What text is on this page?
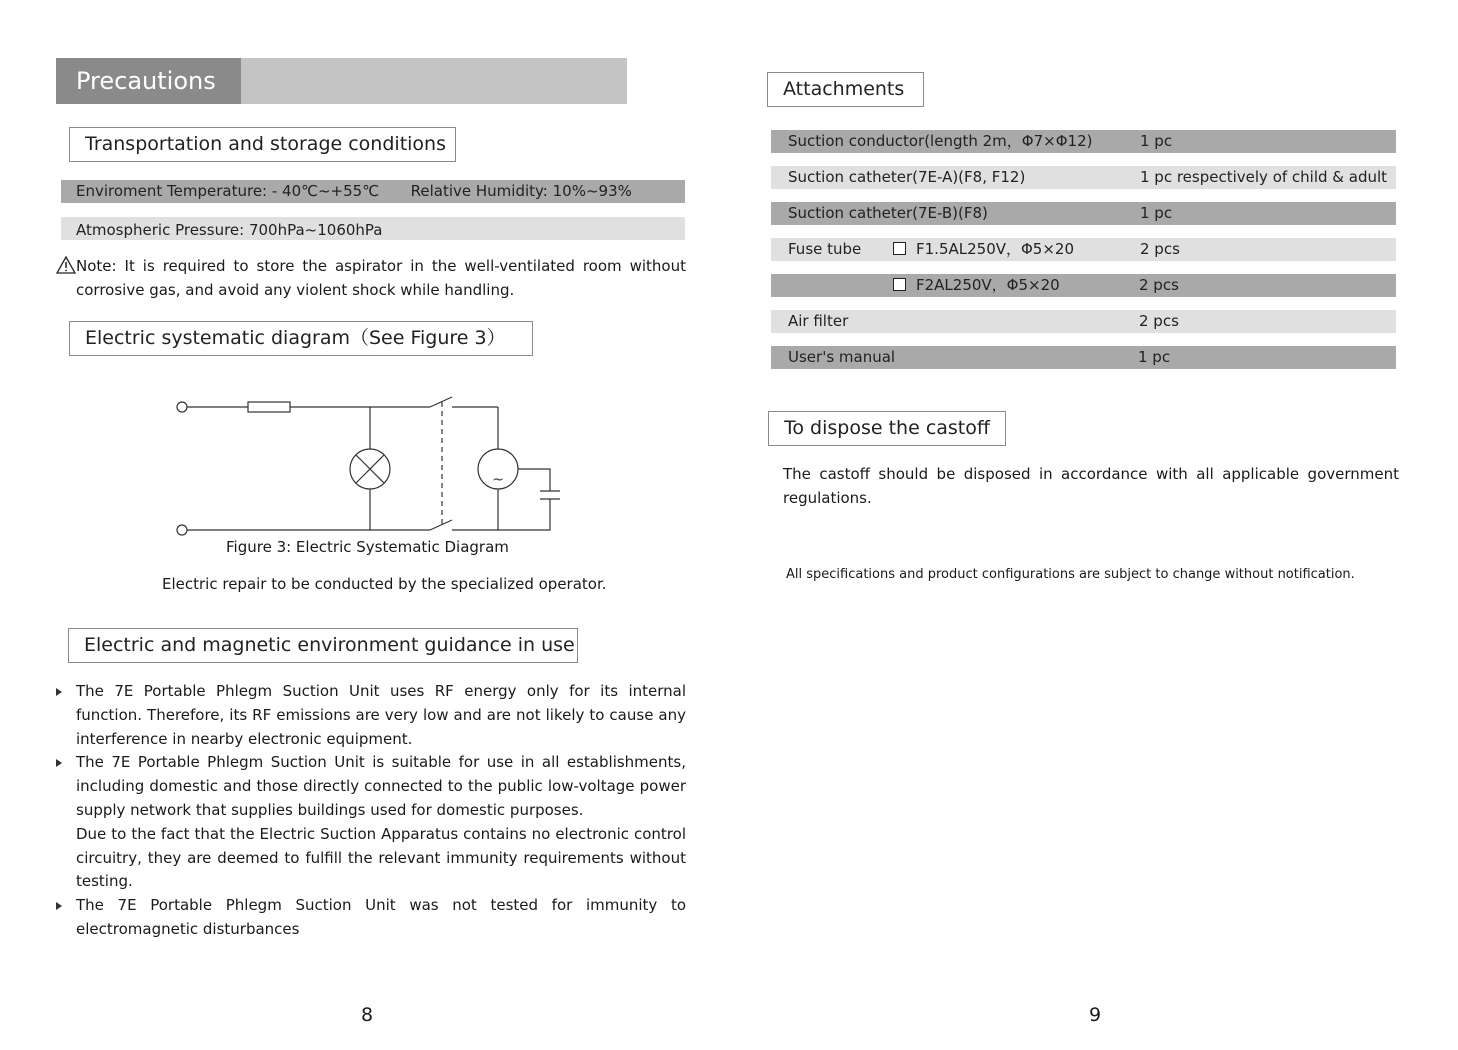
Precautions
Transportation and storage conditions
Enviroment Temperature: - 40℃~+55℃ Relative Humidity: 10%~93%
Atmospheric Pressure: 700hPa~1060hPa

Note: It is required to store the aspirator in the well-ventilated room without corrosive gas, and avoid any violent shock while handling.

Electric systematic diagram（See Figure 3）
~
Figure 3: Electric Systematic Diagram
Electric repair to be conducted by the specialized operator.
Electric and magnetic environment guidance in use
The 7E Portable Phlegm Suction Unit uses RF energy only for its internal function. Therefore, its RF emissions are very low and are not likely to cause any interference in nearby electronic equipment.
The 7E Portable Phlegm Suction Unit is suitable for use in all establishments, including domestic and those directly connected to the public low-voltage power supply network that supplies buildings used for domestic purposes.
Due to the fact that the Electric Suction Apparatus contains no electronic control circuitry, they are deemed to fulfill the relevant immunity requirements without testing.
The 7E Portable Phlegm Suction Unit was not tested for immunity to electromagnetic disturbances
8
Attachments
Suction conductor(length 2m，Φ7×Φ12)	1 pc
Suction catheter(7E-A)(F8, F12)	1 pc respectively of child & adult
Suction catheter(7E-B)(F8)	1 pc
Fuse tube	F1.5AL250V，Φ5×20	2 pcs
F2AL250V，Φ5×20	2 pcs
Air filter	2 pcs
User's manual	1 pc
To dispose the castoff
The castoff should be disposed in accordance with all applicable government regulations.
All specifications and product configurations are subject to change without notification.
9
